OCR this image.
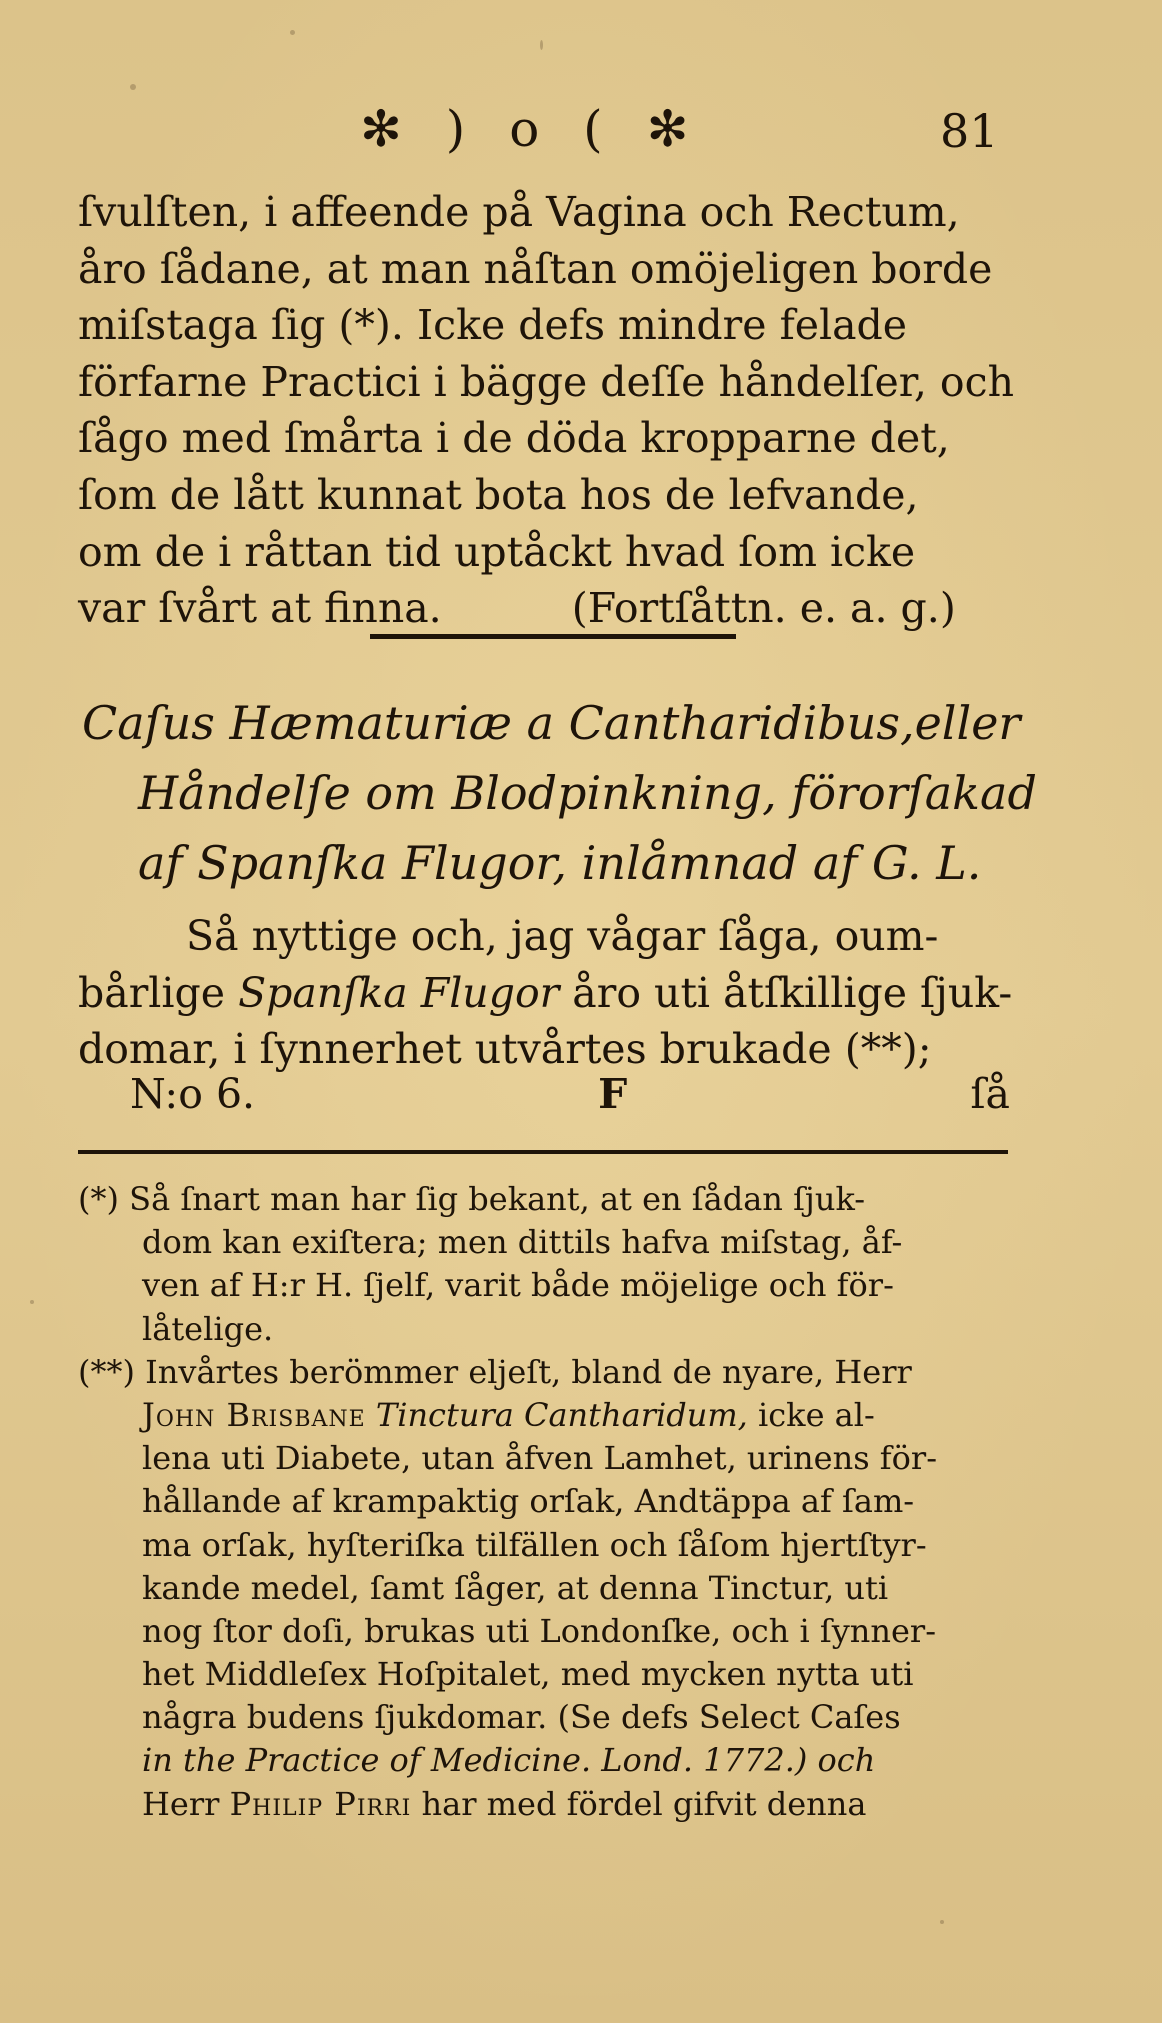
✻ ) o ( ✻	81
ſvulſten, i affeende på Vagina och Rectum,
åro ſådane, at man nåſtan omöjeligen borde
miſstaga ſig (*). Icke defs mindre felade
förfarne Practici i bägge deſſe håndelſer, och
ſågo med ſmårta i de döda kropparne det,
ſom de lått kunnat bota hos de lefvande,
om de i råttan tid uptåckt hvad ſom icke
var ſvårt at finna.	(Fortſåttn. e. a. g.)
Caſus Hæmaturiæ a Cantharidibus, eller
Håndelſe om Blodpinkning, förorſakad
af Spanſka Flugor, inlåmnad af G. L.
Så nyttige och, jag vågar ſåga, oum-
bårlige Spanſka Flugor åro uti åtſkillige ſjuk-
domar, i ſynnerhet utvårtes brukade (**);
N:o 6.	F	ſå
(*) Så ſnart man har ſig bekant, at en ſådan ſjuk-
dom kan exiſtera; men dittils hafva miſstag, åf-
ven af H:r H. ſjelf, varit både möjelige och för-
låtelige.
(**) Invårtes berömmer eljeſt, bland de nyare, Herr
John Brisbane Tinctura Cantharidum, icke al-
lena uti Diabete, utan åfven Lamhet, urinens för-
hållande af krampaktig orſak, Andtäppa af ſam-
ma orſak, hyſteriſka tilfällen och ſåſom hjertſtyr-
kande medel, ſamt ſåger, at denna Tinctur, uti
nog ſtor doſi, brukas uti Londonſke, och i ſynner-
het Middleſex Hoſpitalet, med mycken nytta uti
några budens ſjukdomar. (Se defs Select Caſes
in the Practice of Medicine. Lond. 1772.) och
Herr Philip Pirri har med fördel gifvit denna
